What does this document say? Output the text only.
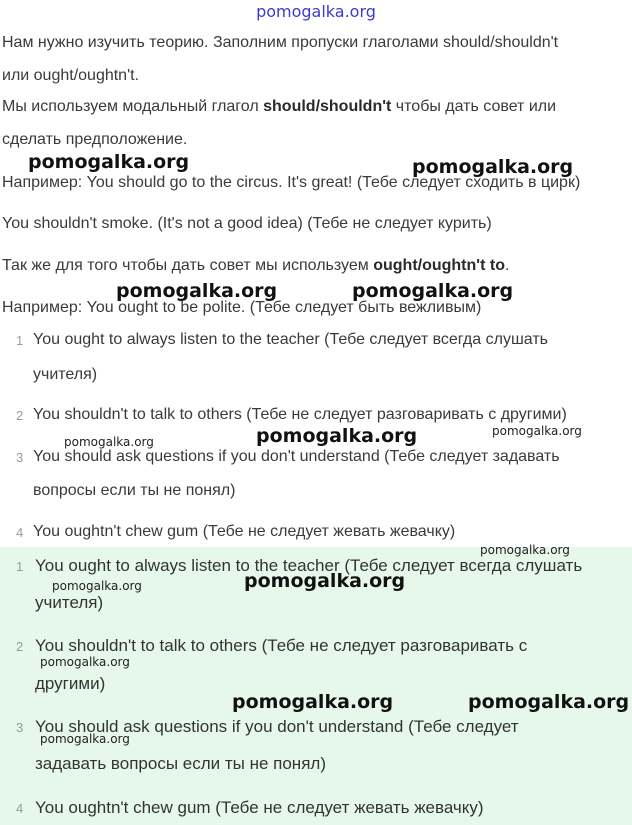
pomogalka.org
Нам нужно изучить теорию. Заполним пропуски глаголами should/shouldn't
или ought/oughtn't.
Мы используем модальный глагол should/shouldn't чтобы дать совет или
сделать предположение.
pomogalka.org	pomogalka.org
Например: You should go to the circus. It's great! (Тебе следует сходить в цирк)
You shouldn't smoke. (It's not a good idea) (Тебе не следует курить)
Так же для того чтобы дать совет мы используем ought/oughtn't to.
pomogalka.org	pomogalka.org
Например: You ought to be polite. (Тебе следует быть вежливым)
1 You ought to always listen to the teacher (Тебе следует всегда слушать
учителя)
2 You shouldn't to talk to others (Тебе не следует разговаривать с другими)
3 You should ask questions if you don't understand (Тебе следует задавать
вопросы если ты не понял)
4 You oughtn't chew gum (Тебе не следует жевать жевачку)
pomogalka.org	pomogalka.org	pomogalka.org
1 You ought to always listen to the teacher (Тебе следует всегда слушать
учителя)
2 You shouldn't to talk to others (Тебе не следует разговаривать с
другими)
3 You should ask questions if you don't understand (Тебе следует
задавать вопросы если ты не понял)
4 You oughtn't chew gum (Тебе не следует жевать жевачку)
pomogalka.org
pomogalka.org	pomogalka.org
pomogalka.org
pomogalka.org	pomogalka.org
pomogalka.org
